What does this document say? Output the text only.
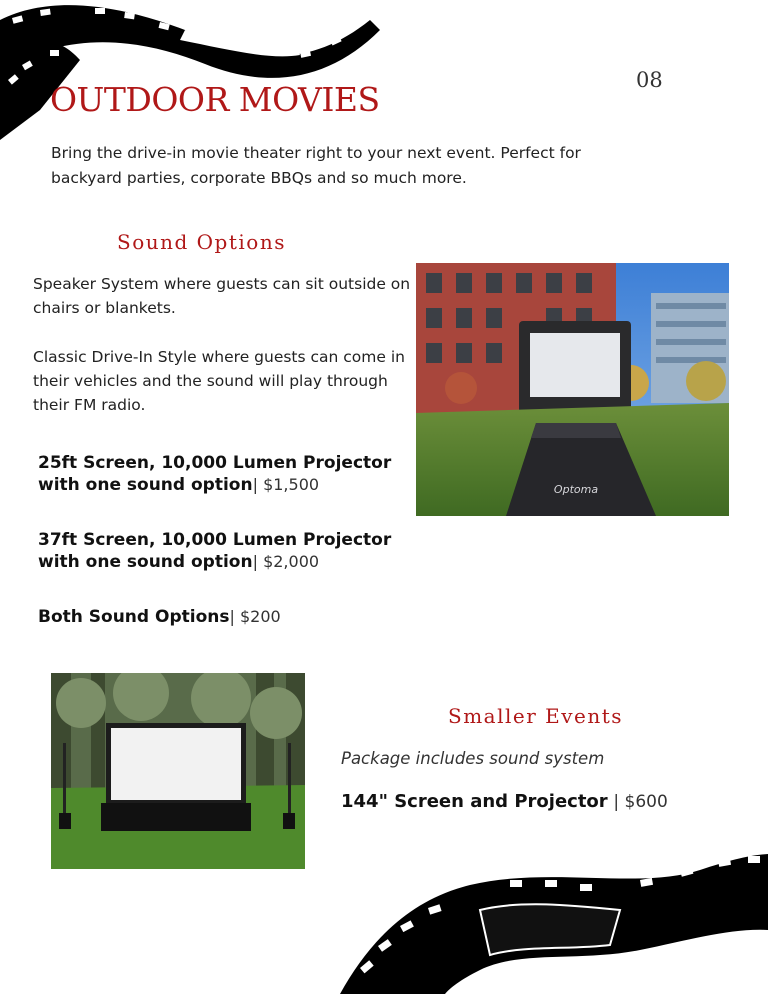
08
OUTDOOR MOVIES
Bring the drive-in movie theater right to your next event. Perfect for backyard parties, corporate BBQs and so much more.
Sound Options
Speaker System where guests can sit outside on chairs or blankets.
Classic Drive-In Style where guests can come in their vehicles and the sound will play through their FM radio.
25ft Screen, 10,000 Lumen Projector
with one sound option| $1,500
37ft Screen, 10,000 Lumen Projector
with one sound option| $2,000
Both Sound Options| $200
Optoma
Smaller Events
Package includes sound system
144" Screen and Projector | $600
